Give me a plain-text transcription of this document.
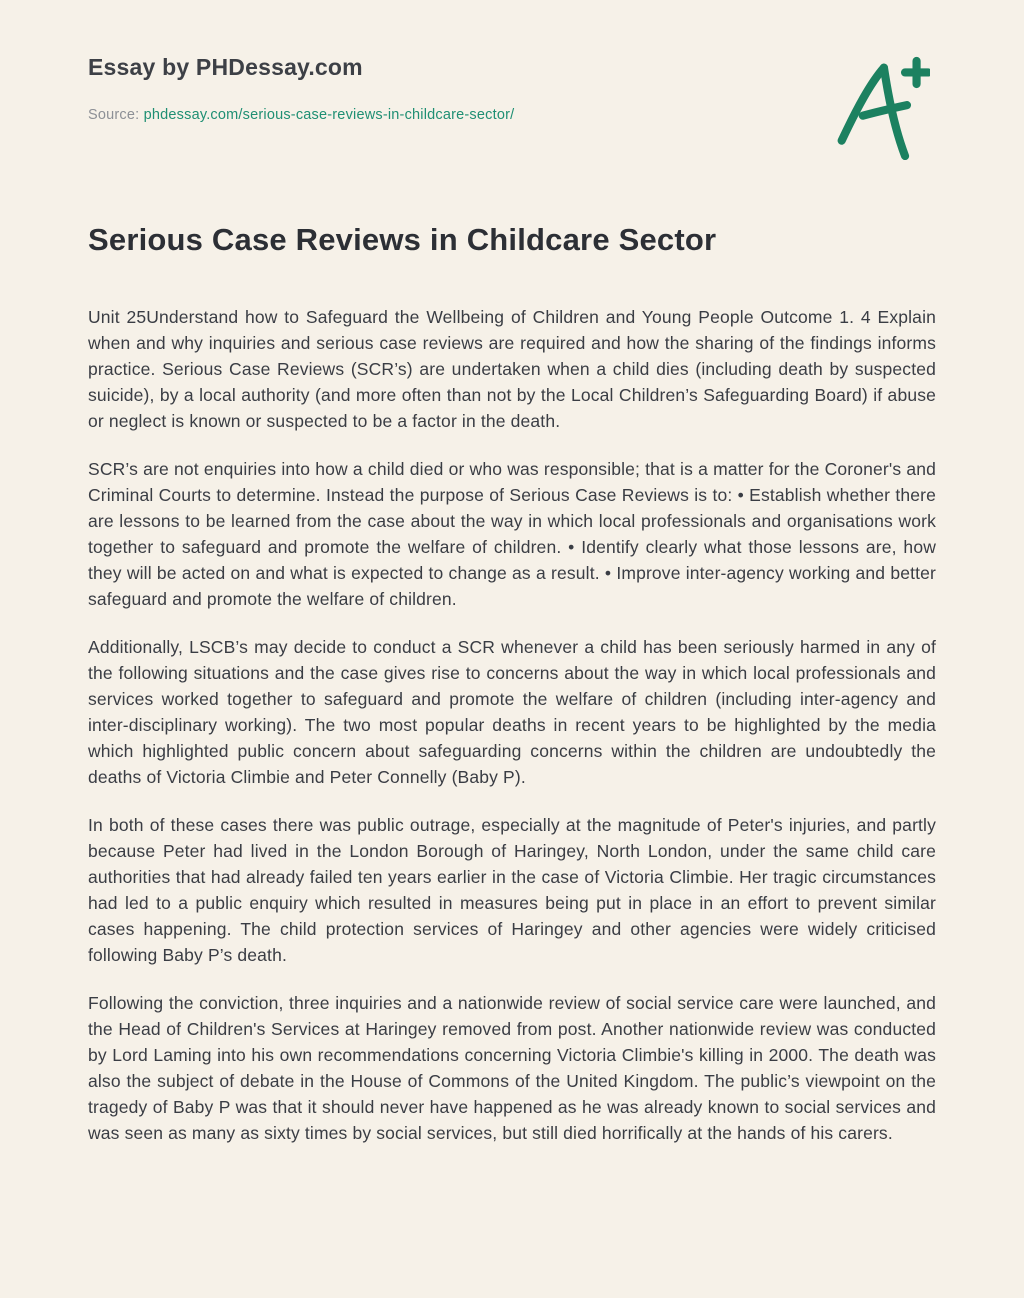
Essay by PHDessay.com
Source: phdessay.com/serious-case-reviews-in-childcare-sector/
Serious Case Reviews in Childcare Sector

Unit 25Understand how to Safeguard the Wellbeing of Children and Young People Outcome 1. 4 Explain when and why inquiries and serious case reviews are required and how the sharing of the findings informs practice. Serious Case Reviews (SCR’s) are undertaken when a child dies (including death by suspected suicide), by a local authority (and more often than not by the Local Children’s Safeguarding Board) if abuse or neglect is known or suspected to be a factor in the death.

SCR’s are not enquiries into how a child died or who was responsible; that is a matter for the Coroner's and Criminal Courts to determine. Instead the purpose of Serious Case Reviews is to: • Establish whether there are lessons to be learned from the case about the way in which local professionals and organisations work together to safeguard and promote the welfare of children. • Identify clearly what those lessons are, how they will be acted on and what is expected to change as a result. • Improve inter-agency working and better safeguard and promote the welfare of children.

Additionally, LSCB’s may decide to conduct a SCR whenever a child has been seriously harmed in any of the following situations and the case gives rise to concerns about the way in which local professionals and services worked together to safeguard and promote the welfare of children (including inter-agency and inter-disciplinary working). The two most popular deaths in recent years to be highlighted by the media which highlighted public concern about safeguarding concerns within the children are undoubtedly the deaths of Victoria Climbie and Peter Connelly (Baby P).

In both of these cases there was public outrage, especially at the magnitude of Peter's injuries, and partly because Peter had lived in the London Borough of Haringey, North London, under the same child care authorities that had already failed ten years earlier in the case of Victoria Climbie. Her tragic circumstances had led to a public enquiry which resulted in measures being put in place in an effort to prevent similar cases happening. The child protection services of Haringey and other agencies were widely criticised following Baby P’s death.

Following the conviction, three inquiries and a nationwide review of social service care were launched, and the Head of Children's Services at Haringey removed from post. Another nationwide review was conducted by Lord Laming into his own recommendations concerning Victoria Climbie's killing in 2000. The death was also the subject of debate in the House of Commons of the United Kingdom. The public’s viewpoint on the tragedy of Baby P was that it should never have happened as he was already known to social services and was seen as many as sixty times by social services, but still died horrifically at the hands of his carers.
